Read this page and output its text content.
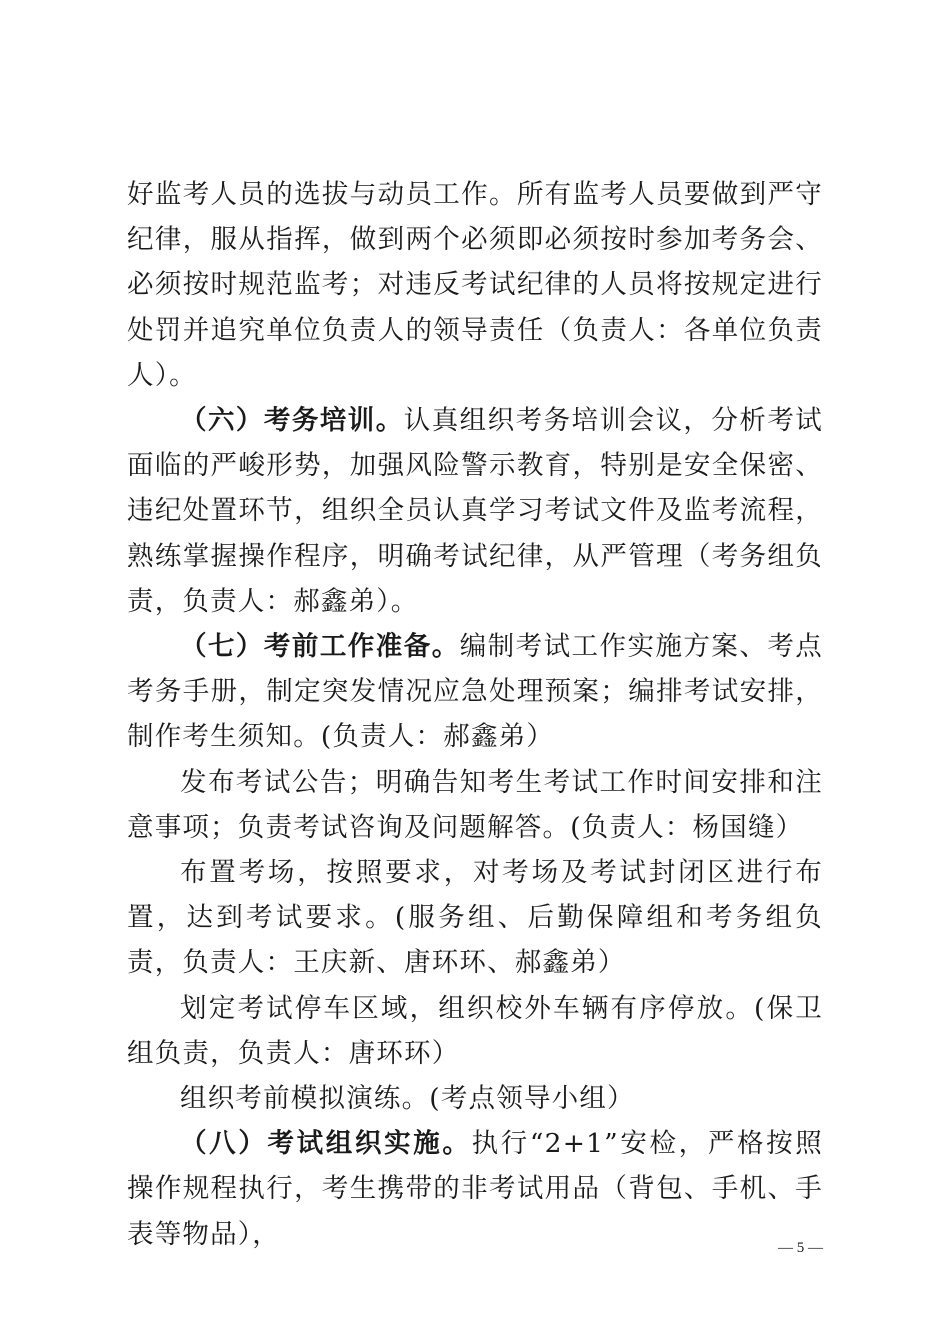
好监考人员的选拔与动员工作。所有监考人员要做到严守纪律，服从指挥，做到两个必须即必须按时参加考务会、必须按时规范监考；对违反考试纪律的人员将按规定进行处罚并追究单位负责人的领导责任（负责人：各单位负责人）。

（六）考务培训。认真组织考务培训会议，分析考试面临的严峻形势，加强风险警示教育，特别是安全保密、违纪处置环节，组织全员认真学习考试文件及监考流程，熟练掌握操作程序，明确考试纪律，从严管理（考务组负责，负责人：郝鑫弟）。

（七）考前工作准备。编制考试工作实施方案、考点考务手册，制定突发情况应急处理预案；编排考试安排，制作考生须知。(负责人：郝鑫弟）

发布考试公告；明确告知考生考试工作时间安排和注意事项；负责考试咨询及问题解答。(负责人：杨国缝）

布置考场，按照要求，对考场及考试封闭区进行布置，达到考试要求。(服务组、后勤保障组和考务组负责，负责人：王庆新、唐环环、郝鑫弟）

划定考试停车区域，组织校外车辆有序停放。(保卫组负责，负责人：唐环环）

组织考前模拟演练。(考点领导小组）

（八）考试组织实施。执行“2+1”安检，严格按照操作规程执行，考生携带的非考试用品（背包、手机、手表等物品），	— 5 —
